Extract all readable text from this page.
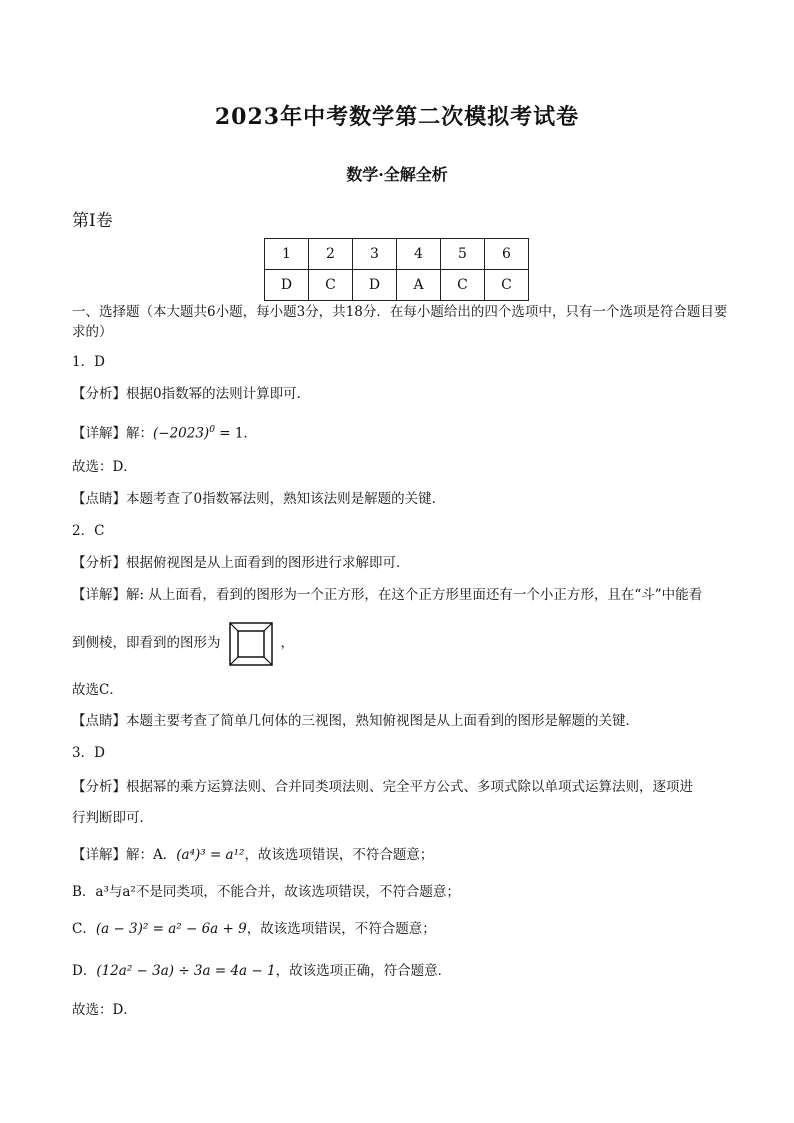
2023年中考数学第二次模拟考试卷
数学·全解全析
第Ⅰ卷
1	2	3	4	5	6
D	C	D	A	C	C
一、选择题（本大题共6小题，每小题3分，共18分．在每小题给出的四个选项中，只有一个选项是符合题目要求的）
1．D
【分析】根据0指数幂的法则计算即可．
【详解】解：$(-2023)^0 = 1$．
故选：D．
【点睛】本题考查了0指数幂法则，熟知该法则是解题的关键．
2．C
【分析】根据俯视图是从上面看到的图形进行求解即可．
【详解】解: 从上面看，看到的图形为一个正方形，在这个正方形里面还有一个小正方形，且在“斗”中能看
到侧棱，即看到的图形为	，
故选C．
【点睛】本题主要考查了简单几何体的三视图，熟知俯视图是从上面看到的图形是解题的关键．
3．D
【分析】根据幂的乘方运算法则、合并同类项法则、完全平方公式、多项式除以单项式运算法则，逐项进
行判断即可．
【详解】解：A．(a⁴)³ = a¹²，故该选项错误，不符合题意；
B．a³与a²不是同类项，不能合并，故该选项错误，不符合题意；
C．(a − 3)² = a² − 6a + 9，故该选项错误，不符合题意；
D．(12a² − 3a) ÷ 3a = 4a − 1，故该选项正确，符合题意．
故选：D．
